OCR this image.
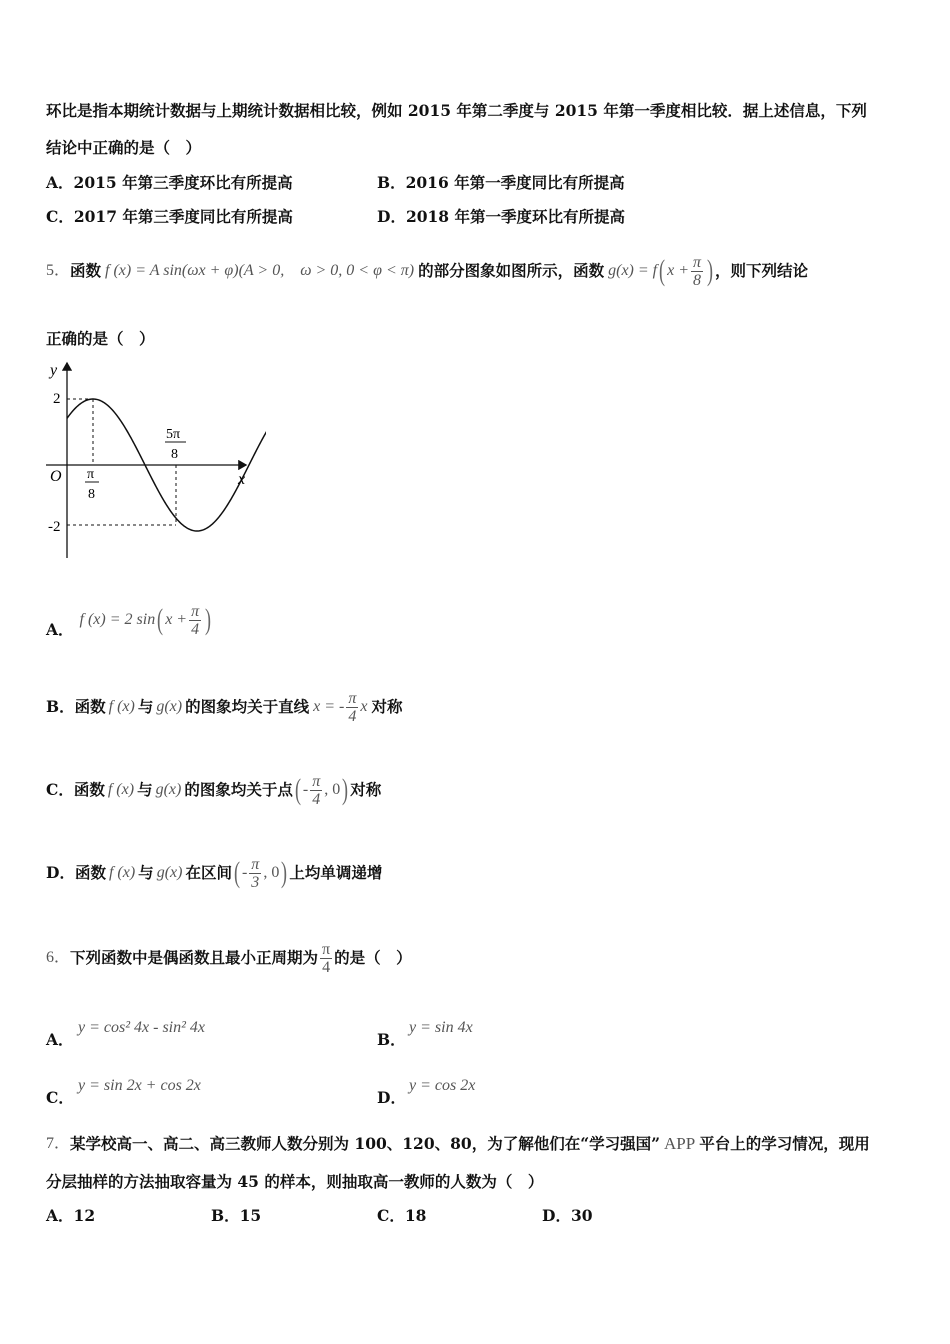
环比是指本期统计数据与上期统计数据相比较，例如 2015 年第二季度与 2015 年第一季度相比较．据上述信息，下列
结论中正确的是（　）
A．2015 年第三季度环比有所提高	B．2016 年第一季度同比有所提高
C．2017 年第三季度同比有所提高	D．2018 年第一季度环比有所提高
5． 函数 f (x) = A sin(ωx + φ)(A > 0,　ω > 0, 0 < φ < π) 的部分图象如图所示，函数 g(x) = f ( $x + \frac{\pi}{8}$ ) ，则下列结论
正确的是（　）
y
x
O
2
-2
π
8
5π
8
A．
f (x) = 2 sin ( $x + \frac{\pi}{4}$ )
B． 函数 f (x) 与 g(x) 的图象均关于直线 x = - $\frac{\pi}{4}$ x 对称
C． 函数 f (x) 与 g(x) 的图象均关于点 ( - $\frac{\pi}{4}$ , 0 ) 对称
D． 函数 f (x) 与 g(x) 在区间 ( - $\frac{\pi}{3}$ , 0 ) 上均单调递增
6． 下列函数中是偶函数且最小正周期为 $\frac{\pi}{4}$ 的是（　）
A．
y = cos² 4x - sin² 4x
B．
y = sin 4x
C．
y = sin 2x + cos 2x
D．
y = cos 2x
7． 某学校高一、高二、高三教师人数分别为 100、120、80，为了解他们在“学习强国” APP 平台上的学习情况，现用
分层抽样的方法抽取容量为 45 的样本，则抽取高一教师的人数为（　）
A．12	B．15	C．18	D．30
